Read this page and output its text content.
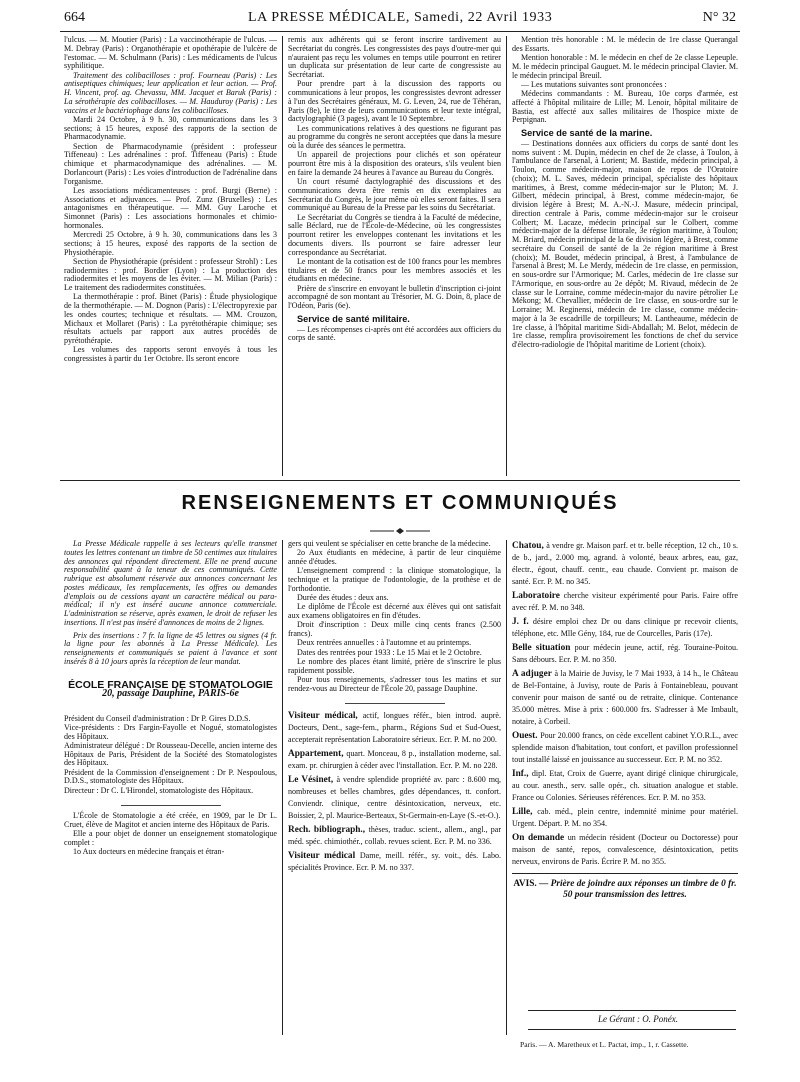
664	LA PRESSE MÉDICALE, Samedi, 22 Avril 1933	N° 32

l'ulcus. — M. Moutier (Paris) : La vaccinothérapie de l'ulcus. — M. Debray (Paris) : Organothérapie et opothérapie de l'ulcère de l'estomac. — M. Schulmann (Paris) : Les médicaments de l'ulcus syphilitique.

Traitement des colibacilloses : prof. Fourneau (Paris) : Les antiseptiques chimiques; leur application et leur action. — Prof. H. Vincent, prof. ag. Chevassu, MM. Jacquet et Baruk (Paris) : La sérothérapie des colibacilloses. — M. Hauduroy (Paris) : Les vaccins et le bactériophage dans les colibacilloses.

Mardi 24 Octobre, à 9 h. 30, communications dans les 3 sections; à 15 heures, exposé des rapports de la section de Pharmacodynamie.

Section de Pharmacodynamie (président : professeur Tiffeneau) : Les adrénalines : prof. Tiffeneau (Paris) : Étude chimique et pharmacodynamique des adrénalines. — M. Dorlancourt (Paris) : Les voies d'introduction de l'adrénaline dans l'organisme.

Les associations médicamenteuses : prof. Burgi (Berne) : Associations et adjuvances. — Prof. Zunz (Bruxelles) : Les antagonismes en thérapeutique. — MM. Guy Laroche et Simonnet (Paris) : Les associations hormonales et chimio-hormonales.

Mercredi 25 Octobre, à 9 h. 30, communications dans les 3 sections; à 15 heures, exposé des rapports de la section de Physiothérapie.

Section de Physiothérapie (président : professeur Strohl) : Les radiodermites : prof. Bordier (Lyon) : La production des radiodermites et les moyens de les éviter. — M. Milian (Paris) : Le traitement des radiodermites constituées.

La thermothérapie : prof. Binet (Paris) : Étude physiologique de la thermothérapie. — M. Dognon (Paris) : L'électropyrexie par les ondes courtes; technique et résultats. — MM. Crouzon, Michaux et Mollaret (Paris) : La pyrétothérapie chimique; ses résultats actuels par rapport aux autres procédés de pyrétothérapie.

Les volumes des rapports seront envoyés à tous les congressistes à partir du 1er Octobre. Ils seront encore

remis aux adhérents qui se feront inscrire tardivement au Secrétariat du congrès. Les congressistes des pays d'outre-mer qui n'auraient pas reçu les volumes en temps utile pourront en retirer un duplicata sur présentation de leur carte de congressiste au Secrétariat.

Pour prendre part à la discussion des rapports ou communications à leur propos, les congressistes devront adresser à l'un des Secrétaires généraux, M. G. Leven, 24, rue de Téhéran, Paris (8e), le titre de leurs communications et leur texte intégral, dactylographié (3 pages), avant le 10 Septembre.

Les communications relatives à des questions ne figurant pas au programme du congrès ne seront acceptées que dans la mesure où la durée des séances le permettra.

Un appareil de projections pour clichés et son opérateur pourront être mis à la disposition des orateurs, s'ils veulent bien en faire la demande 24 heures à l'avance au Bureau du Congrès.

Un court résumé dactylographié des discussions et des communications devra être remis en dix exemplaires au Secrétariat du Congrès, le jour même où elles seront faites. Il sera communiqué au Bureau de la Presse par les soins du Secrétariat.

Le Secrétariat du Congrès se tiendra à la Faculté de médecine, salle Béclard, rue de l'École-de-Médecine, où les congressistes pourront retirer les enveloppes contenant les invitations et les documents divers. Ils pourront se faire adresser leur correspondance au Secrétariat.

Le montant de la cotisation est de 100 francs pour les membres titulaires et de 50 francs pour les membres associés et les étudiants en médecine.

Prière de s'inscrire en envoyant le bulletin d'inscription ci-joint accompagné de son montant au Trésorier, M. G. Doin, 8, place de l'Odéon, Paris (6e).

Service de santé militaire.

— Les récompenses ci-après ont été accordées aux officiers du corps de santé.

Mention très honorable : M. le médecin de 1re classe Querangal des Essarts.

Mention honorable : M. le médecin en chef de 2e classe Lepeuple. M. le médecin principal Gauguet. M. le médecin principal Clavier. M. le médecin principal Breuil.

— Les mutations suivantes sont prononcées :

Médecins commandants : M. Bureau, 10e corps d'armée, est affecté à l'hôpital militaire de Lille; M. Lenoir, hôpital militaire de Bastia, est affecté aux salles militaires de l'hospice mixte de Perpignan.

Service de santé de la marine.

— Destinations données aux officiers du corps de santé dont les noms suivent : M. Dupin, médecin en chef de 2e classe, à Toulon, à l'ambulance de l'arsenal, à Lorient; M. Bastide, médecin principal, à Toulon, comme médecin-major, maison de repos de l'Oratoire (choix); M. L. Saves, médecin principal, spécialiste des hôpitaux maritimes, à Brest, comme médecin-major sur le Pluton; M. J. Gilbert, médecin principal, à Brest, comme médecin-major, 6e division légère à Brest; M. A.-N.-J. Masure, médecin principal, direction centrale à Paris, comme médecin-major sur le croiseur Colbert; M. Lacaze, médecin principal sur le Colbert, comme médecin-major de la défense littorale, 3e région maritime, à Toulon; M. Briard, médecin principal de la 6e division légère, à Brest, comme secrétaire du Conseil de santé de la 2e région maritime à Brest (choix); M. Boudet, médecin principal, à Brest, à l'ambulance de l'arsenal à Brest; M. Le Merdy, médecin de 1re classe, en permission, en sous-ordre sur l'Armorique; M. Carles, médecin de 1re classe sur l'Armorique, en sous-ordre au 2e dépôt; M. Rivaud, médecin de 2e classe sur le Lorraine, comme médecin-major du navire pétrolier Le Mékong; M. Chevallier, médecin de 1re classe, en sous-ordre sur le Lorraine; M. Reginensi, médecin de 1re classe, comme médecin-major à la 3e escadrille de torpilleurs; M. Lantheaume, médecin de 1re classe, à l'hôpital maritime Sidi-Abdallah; M. Belot, médecin de 1re classe, remplira provisoirement les fonctions de chef du service d'électro-radiologie de l'hôpital maritime de Lorient (choix).

RENSEIGNEMENTS ET COMMUNIQUÉS

La Presse Médicale rappelle à ses lecteurs qu'elle transmet toutes les lettres contenant un timbre de 50 centimes aux titulaires des annonces qui répondent directement. Elle ne prend aucune responsabilité quant à la teneur de ces communiqués. Cette rubrique est absolument réservée aux annonces concernant les postes médicaux, les remplacements, les offres ou demandes d'emplois ou de cessions ayant un caractère médical ou para-médical; il n'y est inséré aucune annonce commerciale. L'administration se réserve, après examen, le droit de refuser les insertions. Il n'est pas inséré d'annonces de moins de 2 lignes.

Prix des insertions : 7 fr. la ligne de 45 lettres ou signes (4 fr. la ligne pour les abonnés à La Presse Médicale). Les renseignements et communiqués se paient à l'avance et sont insérés 8 à 10 jours après la réception de leur mandat.

ÉCOLE FRANÇAISE DE STOMATOLOGIE

20, passage Dauphine, PARIS-6e

Président du Conseil d'administration : Dr P. Gires D.D.S.

Vice-présidents : Drs Fargin-Fayolle et Nogué, stomatologistes des Hôpitaux.

Administrateur délégué : Dr Rousseau-Decelle, ancien interne des Hôpitaux de Paris, Président de la Société des Stomatologistes des Hôpitaux.

Président de la Commission d'enseignement : Dr P. Nespoulous, D.D.S., stomatologiste des Hôpitaux.

Directeur : Dr C. L'Hirondel, stomatologiste des Hôpitaux.

L'École de Stomatologie a été créée, en 1909, par le Dr L. Cruet, élève de Magitot et ancien interne des Hôpitaux de Paris.

Elle a pour objet de donner un enseignement stomatologique complet :

1o Aux docteurs en médecine français et étran-

gers qui veulent se spécialiser en cette branche de la médecine.

2o Aux étudiants en médecine, à partir de leur cinquième année d'études.

L'enseignement comprend : la clinique stomatologique, la technique et la pratique de l'odontologie, de la prothèse et de l'orthodontie.

Durée des études : deux ans.

Le diplôme de l'École est décerné aux élèves qui ont satisfait aux examens obligatoires en fin d'études.

Droit d'inscription : Deux mille cinq cents francs (2.500 francs).

Deux rentrées annuelles : à l'automne et au printemps.

Dates des rentrées pour 1933 : Le 15 Mai et le 2 Octobre.

Le nombre des places étant limité, prière de s'inscrire le plus rapidement possible.

Pour tous renseignements, s'adresser tous les matins et sur rendez-vous au Directeur de l'École 20, passage Dauphine.

Visiteur médical, actif, longues référ., bien introd. auprè. Docteurs, Dent., sage-fem., pharm., Régions Sud et Sud-Ouest, accepterait représentation Laboratoire sérieux. Ecr. P. M. no 200.

Appartement, quart. Monceau, 8 p., installation moderne, sal. exam. pr. chirurgien à céder avec l'installation. Ecr. P. M. no 228.

Le Vésinet, à vendre splendide propriété av. parc : 8.600 mq, nombreuses et belles chambres, gdes dépendances, tt. confort. Conviendr. clinique, centre désintoxication, nerveux, etc. Boissier, 2, pl. Maurice-Berteaux, St-Germain-en-Laye (S.-et-O.).

Rech. bibliograph., thèses, traduc. scient., allem., angl., par méd. spéc. chimiothér., collab. revues scient. Ecr. P. M. no 336.

Visiteur médical Dame, meill. référ., sy. voit., dés. Labo. spécialités Province. Ecr. P. M. no 337.

Chatou, à vendre gr. Maison parf. et tr. belle réception, 12 ch., 10 s. de b., jard., 2.000 mq, agrand. à volonté, beaux arbres, eau, gaz, électr., égout, chauff. centr., eau chaude. Convient pr. maison de santé. Ecr. P. M. no 345.

Laboratoire cherche visiteur expérimenté pour Paris. Faire offre avec réf. P. M. no 348.

J. f. désire emploi chez Dr ou dans clinique pr recevoir clients, téléphone, etc. Mlle Gény, 184, rue de Courcelles, Paris (17e).

Belle situation pour médecin jeune, actif, rég. Touraine-Poitou. Sans débours. Ecr. P. M. no 350.

A adjuger à la Mairie de Juvisy, le 7 Mai 1933, à 14 h., le Château de Bel-Fontaine, à Juvisy, route de Paris à Fontainebleau, pouvant convenir pour maison de santé ou de retraite, clinique. Contenance 35.000 mètres. Mise à prix : 600.000 frs. S'adresser à Me Imbault, notaire, à Corbeil.

Ouest. Pour 20.000 francs, on cède excellent cabinet Y.O.R.L., avec splendide maison d'habitation, tout confort, et pavillon professionnel tout installé laissé en jouissance au successeur. Ecr. P. M. no 352.

Inf., dipl. Etat, Croix de Guerre, ayant dirigé clinique chirurgicale, au cour. anesth., serv. salle opér., ch. situation analogue et stable. France ou Colonies. Sérieuses références. Ecr. P. M. no 353.

Lille, cab. méd., plein centre, indemnité minime pour matériel. Urgent. Départ. P. M. no 354.

On demande un médecin résident (Docteur ou Doctoresse) pour maison de santé, repos, convalescence, désintoxication, petits nerveux, environs de Paris. Écrire P. M. no 355.

AVIS. — Prière de joindre aux réponses un timbre de 0 fr. 50 pour transmission des lettres.

Le Gérant : O. Ponéx.
Paris. — A. Maretheux et L. Pactat, imp., 1, r. Cassette.
